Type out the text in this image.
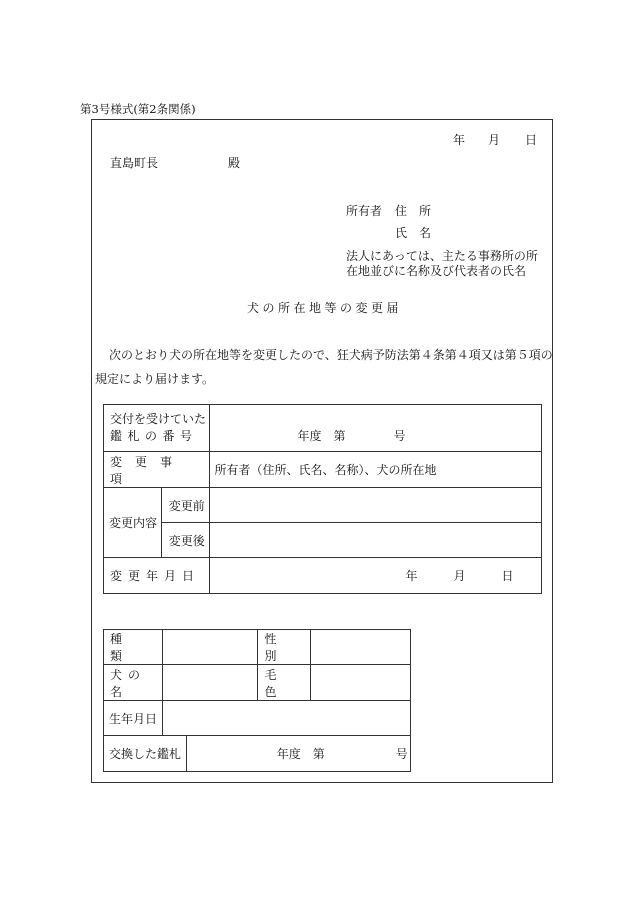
第3号様式(第2条関係)
年 月 日
直島町長	殿
所有者 住　所
氏　名
法人にあっては、主たる事務所の所
在地並びに名称及び代表者の氏名
犬の所在地等の変更届
次のとおり犬の所在地等を変更したので、狂犬病予防法第４条第４項又は第５項の
規定により届けます。
交付を受けていた
鑑札の番号		年度　第　　　　号

変更事項		所有者（住所、氏名、名称）、犬の所在地

変更内容	変更前	

	変更後	

変更年月日		年　　　月　　　日
種類			性別	

犬の名			毛色	

生年月日				

交換した鑑札		年度　第 号		
